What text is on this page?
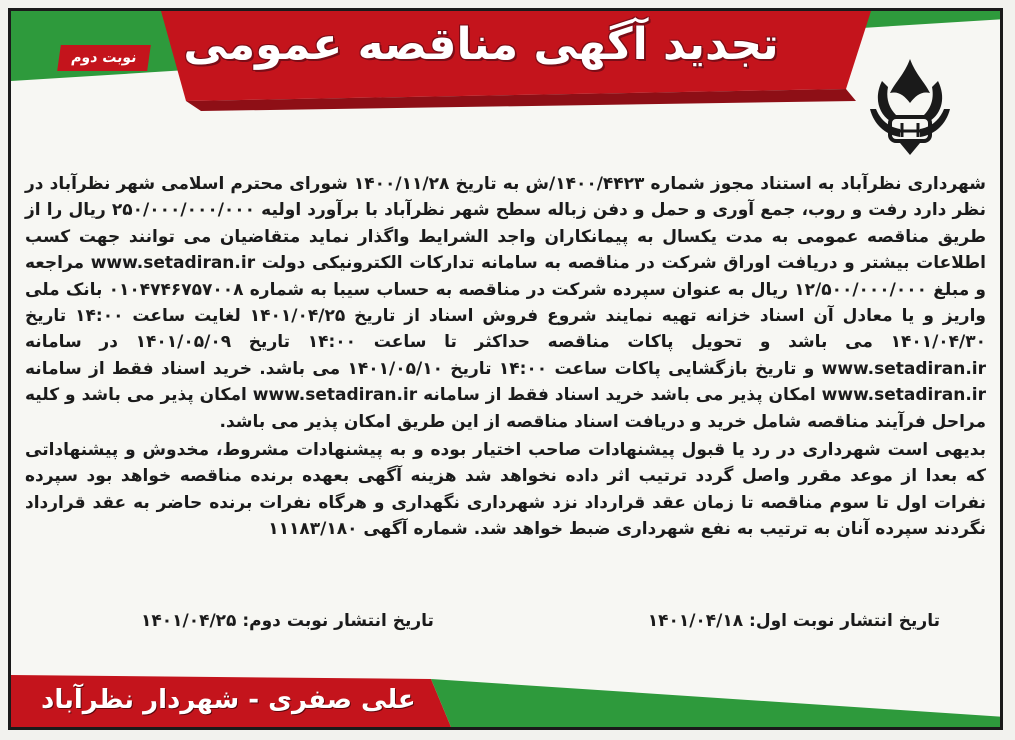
نوبت دوم	تجدید آگهی مناقصه عمومی

شهرداری نظرآباد به استناد مجوز شماره ۱۴۰۰/۴۴۲۳/ش به تاریخ ۱۴۰۰/۱۱/۲۸ شورای محترم اسلامی شهر نظرآباد در نظر دارد رفت و روب، جمع آوری و حمل و دفن زباله سطح شهر نظرآباد با برآورد اولیه ۲۵۰/۰۰۰/۰۰۰/۰۰۰ ریال را از طریق مناقصه عمومی به مدت یکسال به پیمانکاران واجد الشرایط واگذار نماید متقاضیان می توانند جهت کسب اطلاعات بیشتر و دریافت اوراق شرکت در مناقصه به سامانه تدارکات الکترونیکی دولت www.setadiran.ir مراجعه و مبلغ ۱۲/۵۰۰/۰۰۰/۰۰۰ ریال به عنوان سپرده شرکت در مناقصه به حساب سیبا به شماره ۰۱۰۴۷۴۶۷۵۷۰۰۸ بانک ملی واریز و یا معادل آن اسناد خزانه تهیه نمایند شروع فروش اسناد از تاریخ ۱۴۰۱/۰۴/۲۵ لغایت ساعت ۱۴:۰۰ تاریخ ۱۴۰۱/۰۴/۳۰ می باشد و تحویل پاکات مناقصه حداکثر تا ساعت ۱۴:۰۰ تاریخ ۱۴۰۱/۰۵/۰۹ در سامانه www.setadiran.ir و تاریخ بازگشایی پاکات ساعت ۱۴:۰۰ تاریخ ۱۴۰۱/۰۵/۱۰ می باشد. خرید اسناد فقط از سامانه www.setadiran.ir امکان پذیر می باشد خرید اسناد فقط از سامانه www.setadiran.ir امکان پذیر می باشد و کلیه مراحل فرآیند مناقصه شامل خرید و دریافت اسناد مناقصه از این طریق امکان پذیر می باشد.

بدیهی است شهرداری در رد یا قبول پیشنهادات صاحب اختیار بوده و به پیشنهادات مشروط، مخدوش و پیشنهاداتی که بعدا از موعد مقرر واصل گردد ترتیب اثر داده نخواهد شد هزینه آگهی بعهده برنده مناقصه خواهد بود سپرده نفرات اول تا سوم مناقصه تا زمان عقد قرارداد نزد شهرداری نگهداری و هرگاه نفرات برنده حاضر به عقد قرارداد نگردند سپرده آنان به ترتیب به نفع شهرداری ضبط خواهد شد. شماره آگهی ۱۱۱۸۳/۱۸۰

تاریخ انتشار نوبت اول: ۱۴۰۱/۰۴/۱۸
تاریخ انتشار نوبت دوم: ۱۴۰۱/۰۴/۲۵
علی صفری - شهردار نظرآباد
